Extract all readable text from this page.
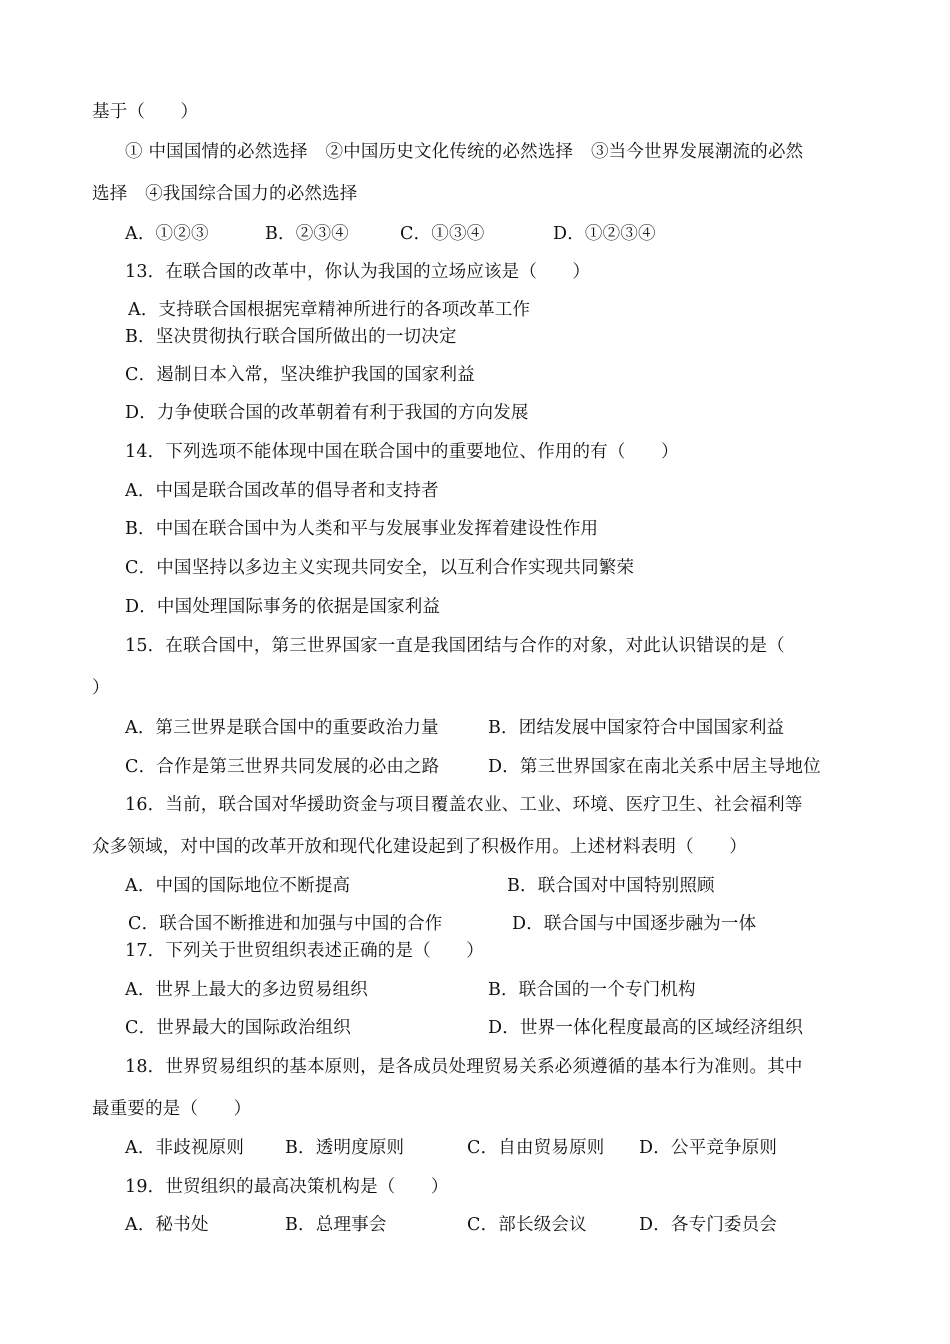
基于（　　）
① 中国国情的必然选择　②中国历史文化传统的必然选择　③当今世界发展潮流的必然
选择　④我国综合国力的必然选择
A．①②③	B．②③④	C．①③④	D．①②③④
13．在联合国的改革中，你认为我国的立场应该是（　　）
A．支持联合国根据宪章精神所进行的各项改革工作
B．坚决贯彻执行联合国所做出的一切决定
C．遏制日本入常，坚决维护我国的国家利益
D．力争使联合国的改革朝着有利于我国的方向发展
14．下列选项不能体现中国在联合国中的重要地位、作用的有（　　）
A．中国是联合国改革的倡导者和支持者
B．中国在联合国中为人类和平与发展事业发挥着建设性作用
C．中国坚持以多边主义实现共同安全，以互利合作实现共同繁荣
D．中国处理国际事务的依据是国家利益
15．在联合国中，第三世界国家一直是我国团结与合作的对象，对此认识错误的是（
）
A．第三世界是联合国中的重要政治力量	B．团结发展中国家符合中国国家利益
C．合作是第三世界共同发展的必由之路	D．第三世界国家在南北关系中居主导地位
16．当前，联合国对华援助资金与项目覆盖农业、工业、环境、医疗卫生、社会福利等
众多领域，对中国的改革开放和现代化建设起到了积极作用。上述材料表明（　　）
A．中国的国际地位不断提高	B．联合国对中国特别照顾
C．联合国不断推进和加强与中国的合作	D．联合国与中国逐步融为一体
17．下列关于世贸组织表述正确的是（　　）
A．世界上最大的多边贸易组织	B．联合国的一个专门机构
C．世界最大的国际政治组织	D．世界一体化程度最高的区域经济组织
18．世界贸易组织的基本原则，是各成员处理贸易关系必须遵循的基本行为准则。其中
最重要的是（　　）
A．非歧视原则 B．透明度原则	C．自由贸易原则 D．公平竞争原则
19．世贸组织的最高决策机构是（　　）
A．秘书处	B．总理事会	C．部长级会议	D．各专门委员会
